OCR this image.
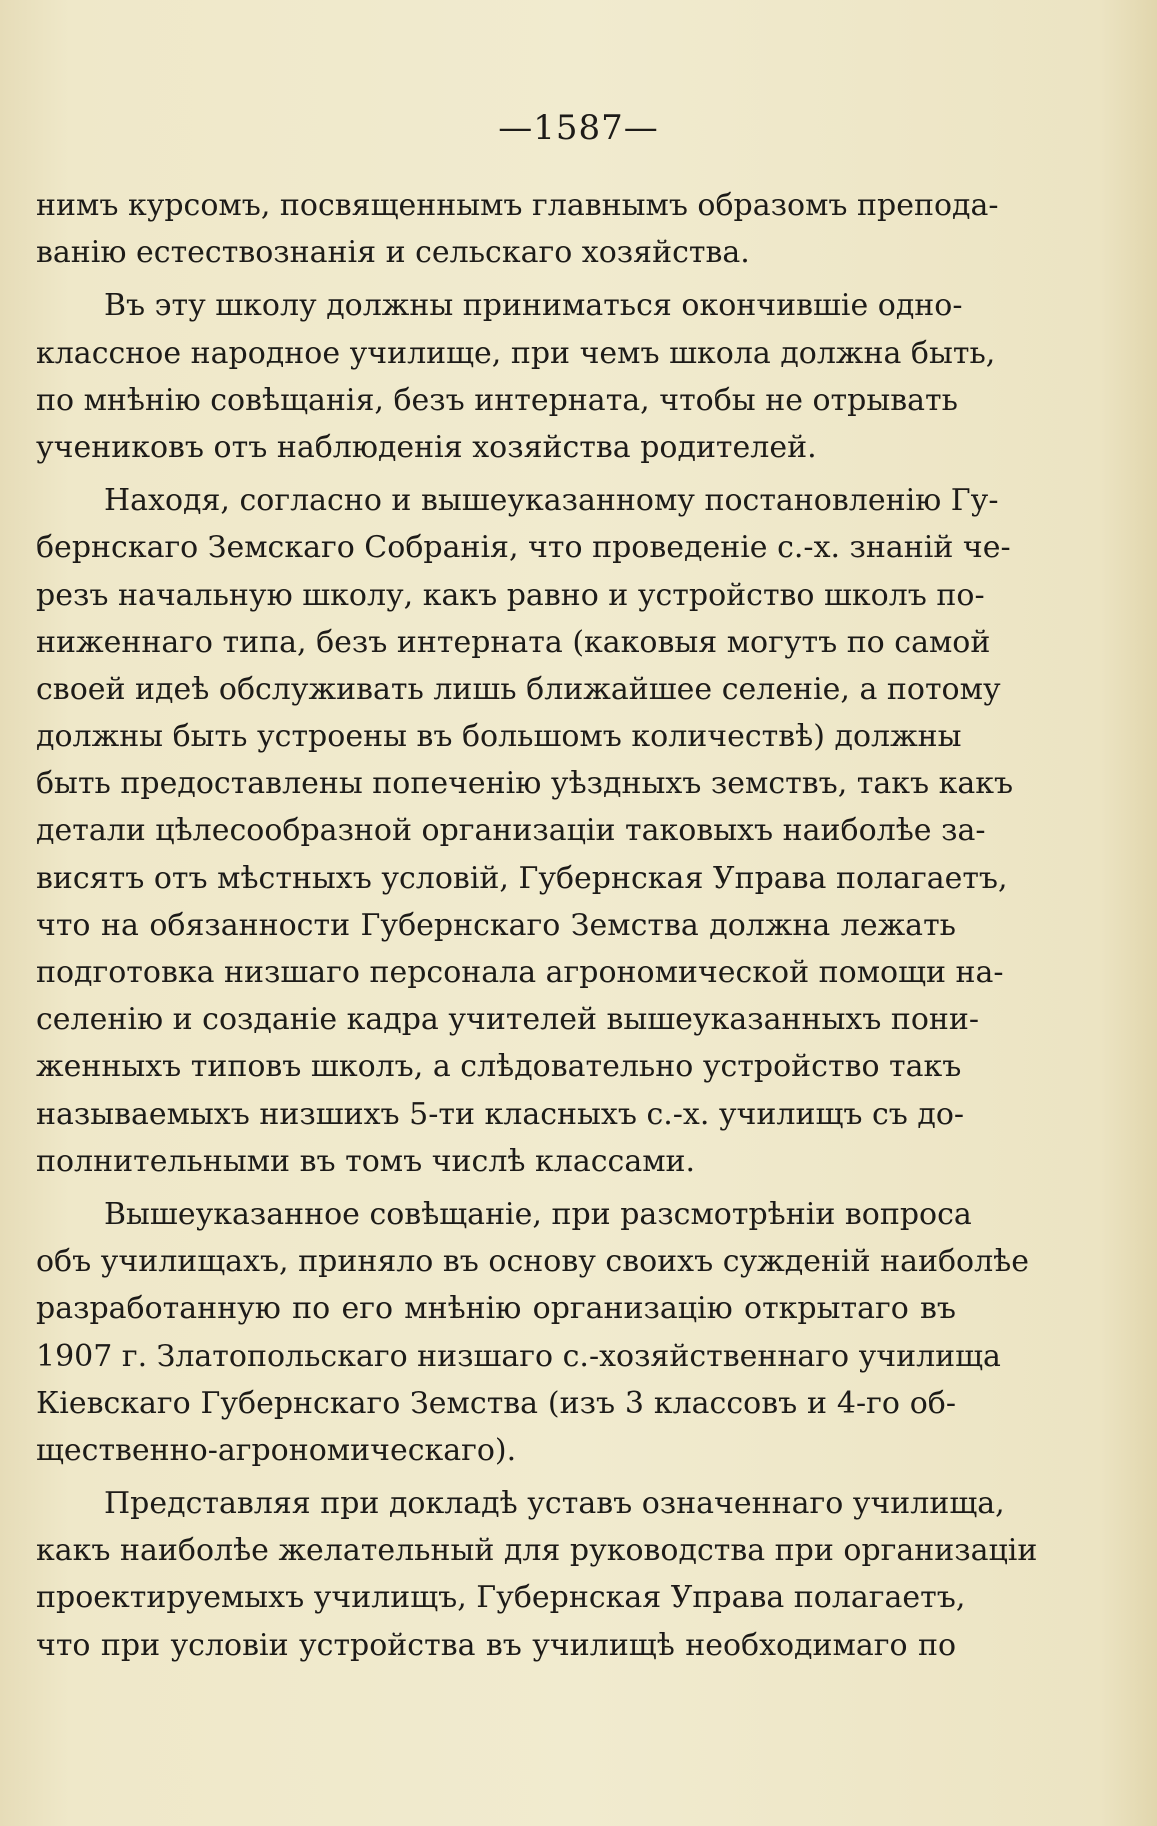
—1587—
нимъ курсомъ, посвященнымъ главнымъ образомъ препода-
ванію естествознанія и сельскаго хозяйства.
Въ эту школу должны приниматься окончившіе одно-
классное народное училище, при чемъ школа должна быть,
по мнѣнію совѣщанія, безъ интерната, чтобы не отрывать
учениковъ отъ наблюденія хозяйства родителей.
Находя, согласно и вышеуказанному постановленію Гу-
бернскаго Земскаго Собранія, что проведеніе с.-х. знаній че-
резъ начальную школу, какъ равно и устройство школъ по-
ниженнаго типа, безъ интерната (каковыя могутъ по самой
своей идеѣ обслуживать лишь ближайшее селеніе, а потому
должны быть устроены въ большомъ количествѣ) должны
быть предоставлены попеченію уѣздныхъ земствъ, такъ какъ
детали цѣлесообразной организаціи таковыхъ наиболѣе за-
висятъ отъ мѣстныхъ условій, Губернская Управа полагаетъ,
что на обязанности Губернскаго Земства должна лежать
подготовка низшаго персонала агрономической помощи на-
селенію и созданіе кадра учителей вышеуказанныхъ пони-
женныхъ типовъ школъ, а слѣдовательно устройство такъ
называемыхъ низшихъ 5-ти класныхъ с.-х. училищъ съ до-
полнительными въ томъ числѣ классами.
Вышеуказанное совѣщаніе, при разсмотрѣніи вопроса
объ училищахъ, приняло въ основу своихъ сужденій наиболѣе
разработанную по его мнѣнію организацію открытаго въ
1907 г. Златопольскаго низшаго с.-хозяйственнаго училища
Кіевскаго Губернскаго Земства (изъ 3 классовъ и 4-го об-
щественно-агрономическаго).
Представляя при докладѣ уставъ означеннаго училища,
какъ наиболѣе желательный для руководства при организаціи
проектируемыхъ училищъ, Губернская Управа полагаетъ,
что при условіи устройства въ училищѣ необходимаго по
